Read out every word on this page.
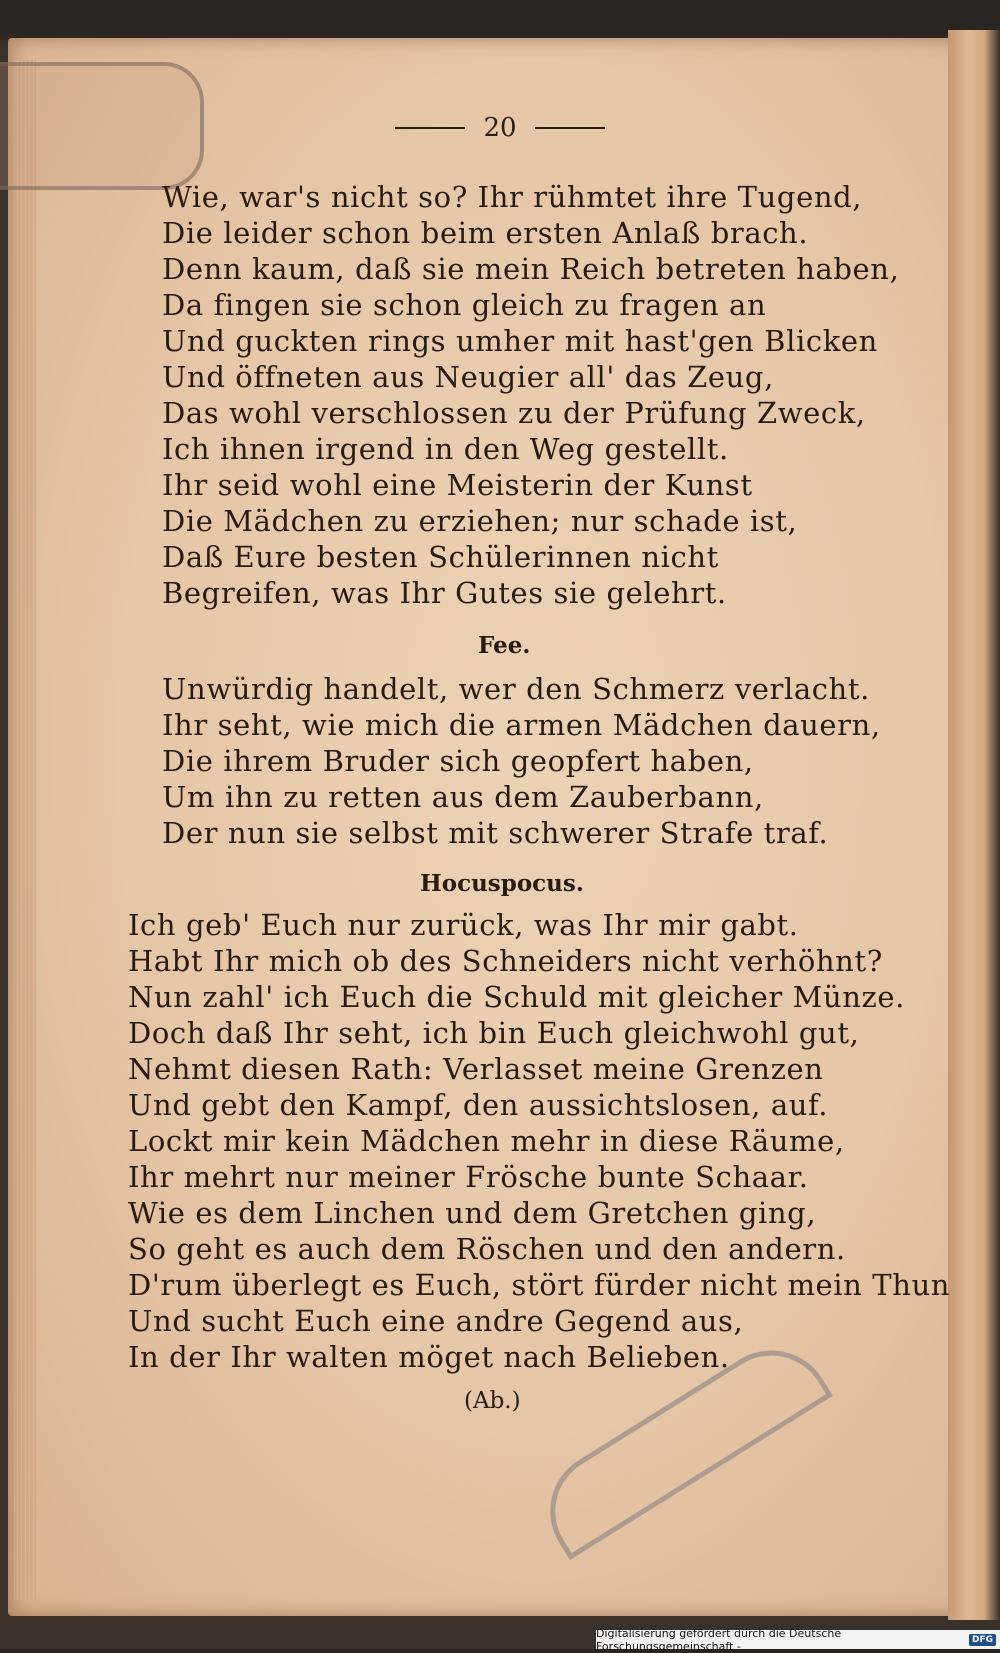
20
Wie, war's nicht so? Ihr rühmtet ihre Tugend,
Die leider schon beim ersten Anlaß brach.
Denn kaum, daß sie mein Reich betreten haben,
Da fingen sie schon gleich zu fragen an
Und guckten rings umher mit hast'gen Blicken
Und öffneten aus Neugier all' das Zeug,
Das wohl verschlossen zu der Prüfung Zweck,
Ich ihnen irgend in den Weg gestellt.
Ihr seid wohl eine Meisterin der Kunst
Die Mädchen zu erziehen; nur schade ist,
Daß Eure besten Schülerinnen nicht
Begreifen, was Ihr Gutes sie gelehrt.
Fee.
Unwürdig handelt, wer den Schmerz verlacht.
Ihr seht, wie mich die armen Mädchen dauern,
Die ihrem Bruder sich geopfert haben,
Um ihn zu retten aus dem Zauberbann,
Der nun sie selbst mit schwerer Strafe traf.
Hocuspocus.
Ich geb' Euch nur zurück, was Ihr mir gabt.
Habt Ihr mich ob des Schneiders nicht verhöhnt?
Nun zahl' ich Euch die Schuld mit gleicher Münze.
Doch daß Ihr seht, ich bin Euch gleichwohl gut,
Nehmt diesen Rath: Verlasset meine Grenzen
Und gebt den Kampf, den aussichtslosen, auf.
Lockt mir kein Mädchen mehr in diese Räume,
Ihr mehrt nur meiner Frösche bunte Schaar.
Wie es dem Linchen und dem Gretchen ging,
So geht es auch dem Röschen und den andern.
D'rum überlegt es Euch, stört fürder nicht mein Thun
Und sucht Euch eine andre Gegend aus,
In der Ihr walten möget nach Belieben.
(Ab.)
Digitalisierung gefördert durch die Deutsche Forschungsgemeinschaft -	DFG
